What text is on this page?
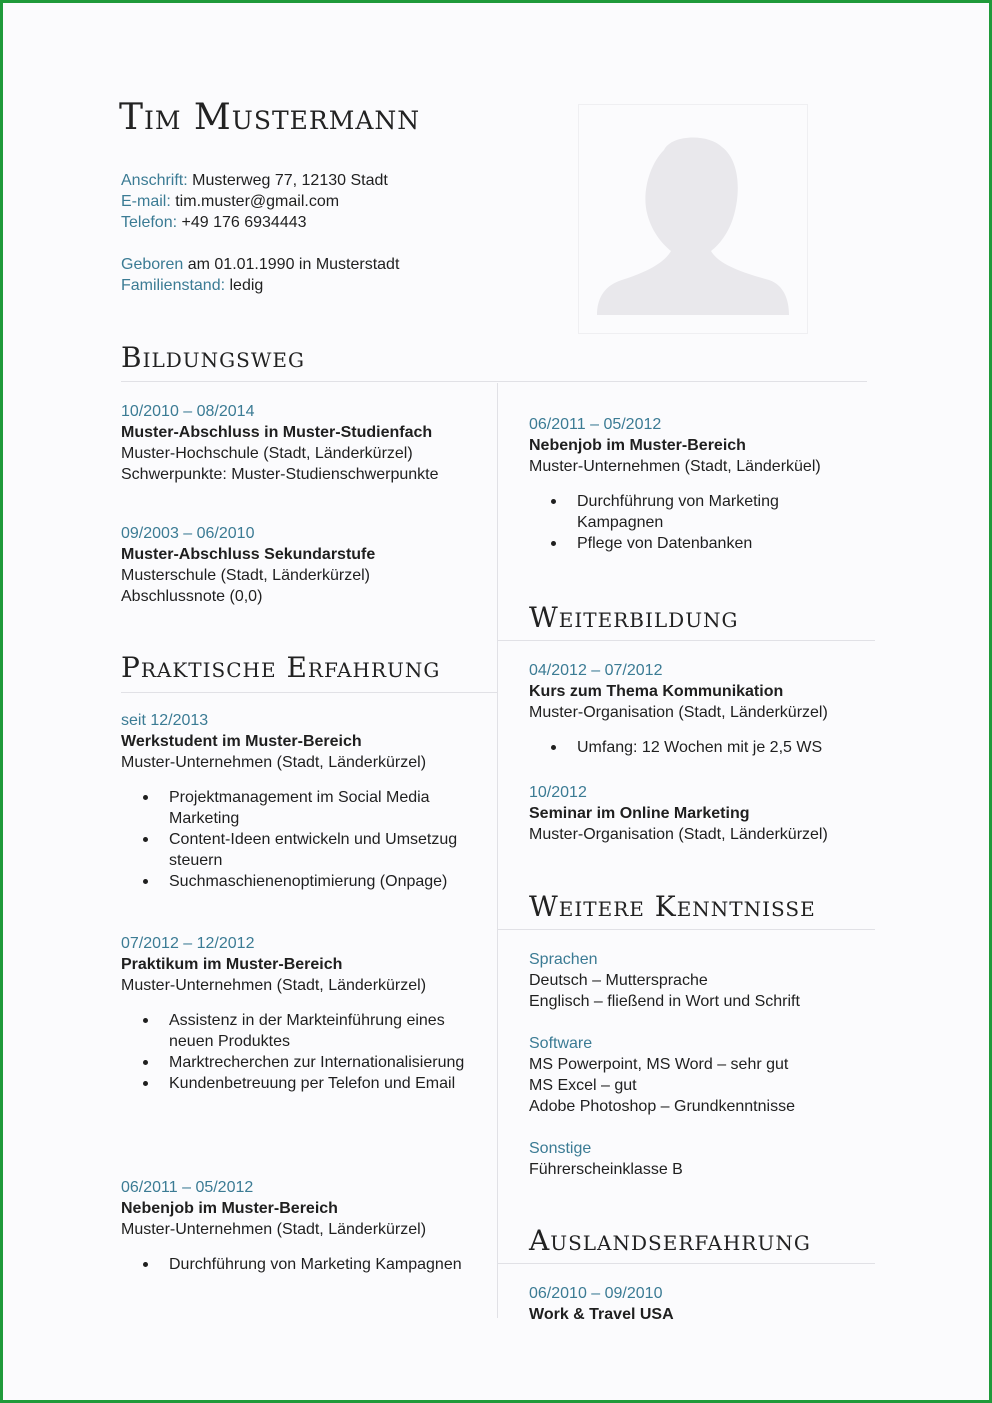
Tim Mustermann
Anschrift: Musterweg 77, 12130 Stadt
E-mail: tim.muster@gmail.com
Telefon: +49 176 6934443
Geboren am 01.01.1990 in Musterstadt
Familienstand: ledig
Bildungsweg
10/2010 – 08/2014
Muster-Abschluss in Muster-Studienfach
Muster-Hochschule (Stadt, Länderkürzel)
Schwerpunkte: Muster-Studienschwerpunkte
09/2003 – 06/2010
Muster-Abschluss Sekundarstufe
Musterschule (Stadt, Länderkürzel)
Abschlussnote (0,0)
Praktische Erfahrung
seit 12/2013
Werkstudent im Muster-Bereich
Muster-Unternehmen (Stadt, Länderkürzel)
Projektmanagement im Social Media Marketing
Content-Ideen entwickeln und Umsetzug steuern
Suchmaschienenoptimierung (Onpage)
07/2012 – 12/2012
Praktikum im Muster-Bereich
Muster-Unternehmen (Stadt, Länderkürzel)
Assistenz in der Markteinführung eines neuen Produktes
Marktrecherchen zur Internationalisierung
Kundenbetreuung per Telefon und Email
06/2011 – 05/2012
Nebenjob im Muster-Bereich
Muster-Unternehmen (Stadt, Länderkürzel)
Durchführung von Marketing Kampagnen
06/2011 – 05/2012
Nebenjob im Muster-Bereich
Muster-Unternehmen (Stadt, Länderküel)
Durchführung von Marketing Kampagnen
Pflege von Datenbanken
Weiterbildung
04/2012 – 07/2012
Kurs zum Thema Kommunikation
Muster-Organisation (Stadt, Länderkürzel)
Umfang: 12 Wochen mit je 2,5 WS
10/2012
Seminar im Online Marketing
Muster-Organisation (Stadt, Länderkürzel)
Weitere Kenntnisse
Sprachen
Deutsch – Muttersprache
Englisch – fließend in Wort und Schrift
Software
MS Powerpoint, MS Word – sehr gut
MS Excel – gut
Adobe Photoshop – Grundkenntnisse
Sonstige
Führerscheinklasse B
Auslandserfahrung
06/2010 – 09/2010
Work & Travel USA
